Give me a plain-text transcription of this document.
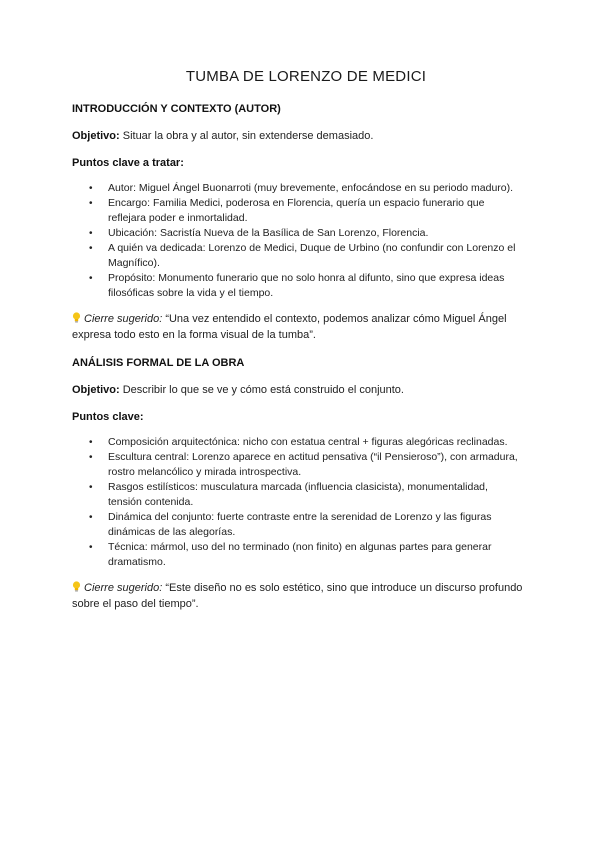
TUMBA DE LORENZO DE MEDICI
INTRODUCCIÓN Y CONTEXTO (AUTOR)

Objetivo: Situar la obra y al autor, sin extenderse demasiado.

Puntos clave a tratar:
• Autor: Miguel Ángel Buonarroti (muy brevemente, enfocándose en su periodo maduro).
• Encargo: Familia Medici, poderosa en Florencia, quería un espacio funerario que reflejara poder e inmortalidad.
• Ubicación: Sacristía Nueva de la Basílica de San Lorenzo, Florencia.
• A quién va dedicada: Lorenzo de Medici, Duque de Urbino (no confundir con Lorenzo el Magnífico).
• Propósito: Monumento funerario que no solo honra al difunto, sino que expresa ideas filosóficas sobre la vida y el tiempo.

Cierre sugerido: “Una vez entendido el contexto, podemos analizar cómo Miguel Ángel expresa todo esto en la forma visual de la tumba”.

ANÁLISIS FORMAL DE LA OBRA

Objetivo: Describir lo que se ve y cómo está construido el conjunto.

Puntos clave:
• Composición arquitectónica: nicho con estatua central + figuras alegóricas reclinadas.
• Escultura central: Lorenzo aparece en actitud pensativa (“il Pensieroso”), con armadura, rostro melancólico y mirada introspectiva.
• Rasgos estilísticos: musculatura marcada (influencia clasicista), monumentalidad, tensión contenida.
• Dinámica del conjunto: fuerte contraste entre la serenidad de Lorenzo y las figuras dinámicas de las alegorías.
• Técnica: mármol, uso del no terminado (non finito) en algunas partes para generar dramatismo.

Cierre sugerido: “Este diseño no es solo estético, sino que introduce un discurso profundo sobre el paso del tiempo”.
